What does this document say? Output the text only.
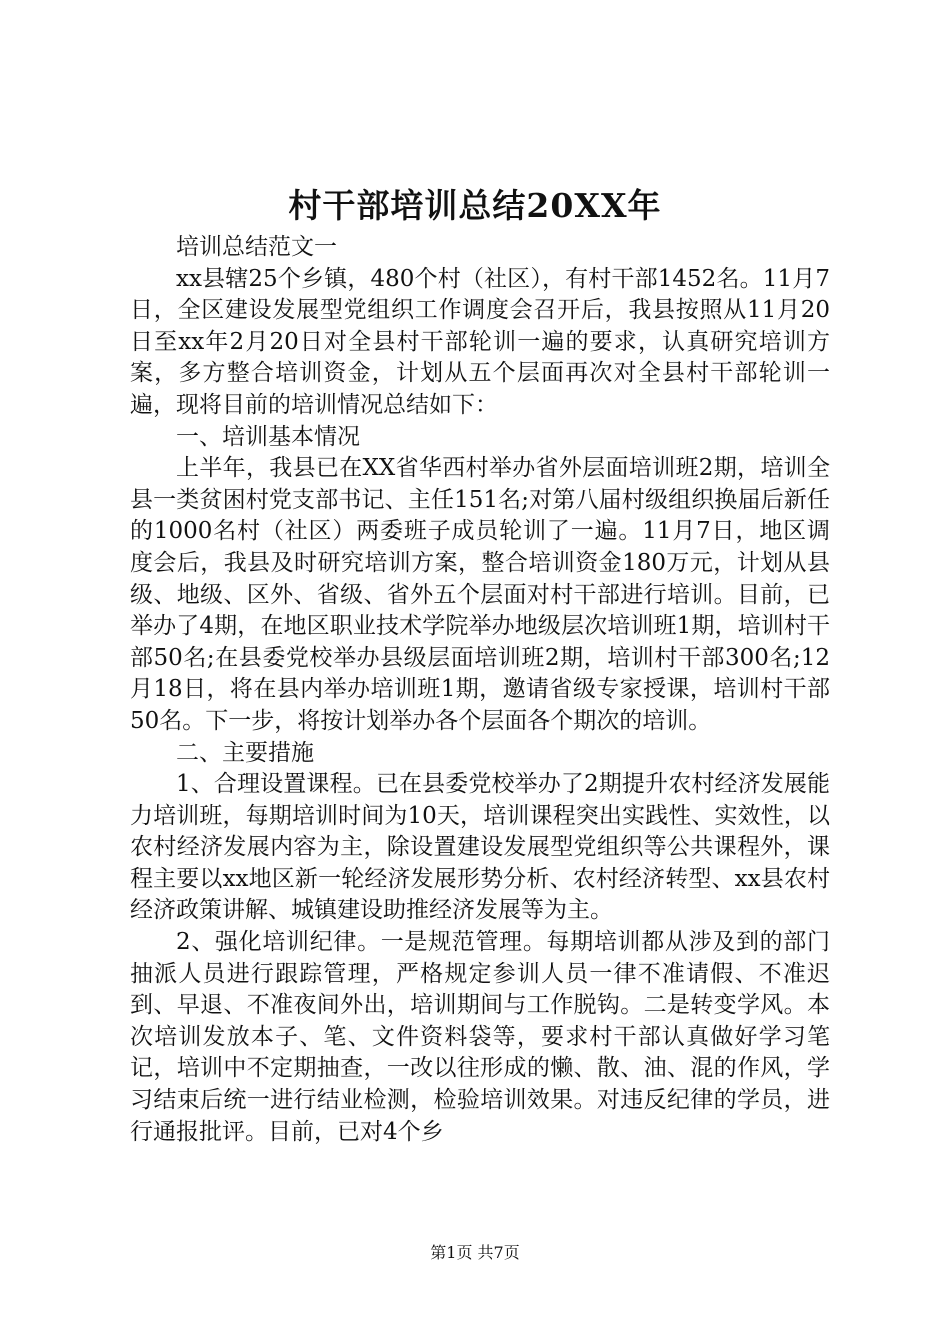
村干部培训总结20XX年

培训总结范文一

xx县辖25个乡镇，480个村（社区），有村干部1452名。11月7日，全区建设发展型党组织工作调度会召开后，我县按照从11月20日至xx年2月20日对全县村干部轮训一遍的要求，认真研究培训方案，多方整合培训资金，计划从五个层面再次对全县村干部轮训一遍，现将目前的培训情况总结如下：

一、培训基本情况

上半年，我县已在XX省华西村举办省外层面培训班2期，培训全县一类贫困村党支部书记、主任151名;对第八届村级组织换届后新任的1000名村（社区）两委班子成员轮训了一遍。11月7日，地区调度会后，我县及时研究培训方案，整合培训资金180万元，计划从县级、地级、区外、省级、省外五个层面对村干部进行培训。目前，已举办了4期，在地区职业技术学院举办地级层次培训班1期，培训村干部50名;在县委党校举办县级层面培训班2期，培训村干部300名;12月18日，将在县内举办培训班1期，邀请省级专家授课，培训村干部50名。下一步，将按计划举办各个层面各个期次的培训。

二、主要措施

1、合理设置课程。已在县委党校举办了2期提升农村经济发展能力培训班，每期培训时间为10天，培训课程突出实践性、实效性，以农村经济发展内容为主，除设置建设发展型党组织等公共课程外，课程主要以xx地区新一轮经济发展形势分析、农村经济转型、xx县农村经济政策讲解、城镇建设助推经济发展等为主。

2、强化培训纪律。一是规范管理。每期培训都从涉及到的部门抽派人员进行跟踪管理，严格规定参训人员一律不准请假、不准迟到、早退、不准夜间外出，培训期间与工作脱钩。二是转变学风。本次培训发放本子、笔、文件资料袋等，要求村干部认真做好学习笔记，培训中不定期抽查，一改以往形成的懒、散、油、混的作风，学习结束后统一进行结业检测，检验培训效果。对违反纪律的学员，进行通报批评。目前，已对4个乡

第1页 共7页
